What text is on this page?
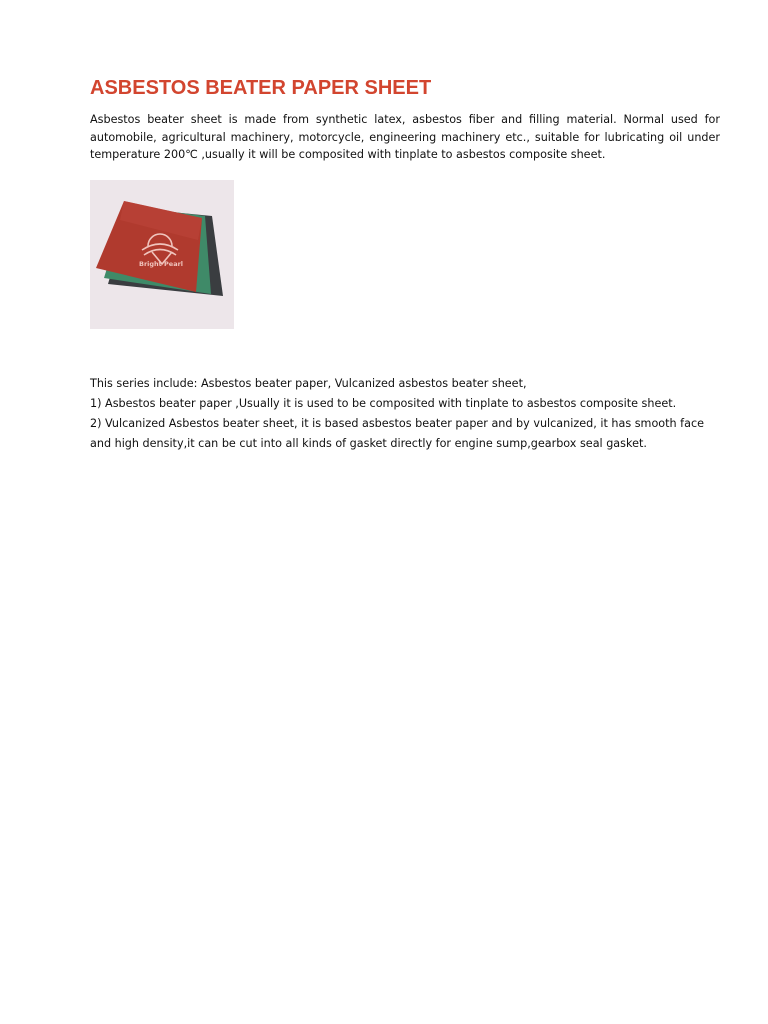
ASBESTOS BEATER PAPER SHEET

Asbestos beater sheet is made from synthetic latex, asbestos fiber and filling material. Normal used for automobile, agricultural machinery, motorcycle, engineering machinery etc., suitable for lubricating oil under temperature 200℃ ,usually it will be composited with tinplate to asbestos composite sheet.

Bright Pearl

This series include: Asbestos beater paper, Vulcanized asbestos beater sheet,

1) Asbestos beater paper ,Usually it is used to be composited with tinplate to asbestos composite sheet.

2) Vulcanized Asbestos beater sheet, it is based asbestos beater paper and by vulcanized, it has smooth face and high density,it can be cut into all kinds of gasket directly for engine sump,gearbox seal gasket.
